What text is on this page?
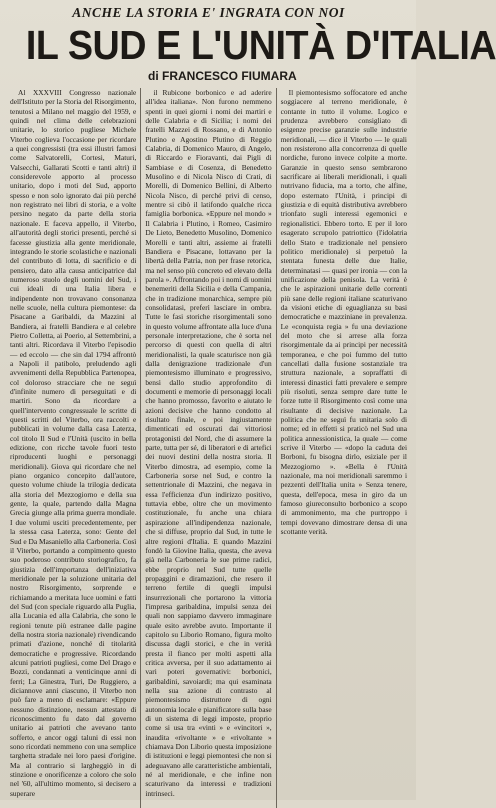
ANCHE LA STORIA E' INGRATA CON NOI

IL SUD E L'UNITÀ D'ITALIA
di FRANCESCO FIUMARA

Al XXXVIII Congresso nazionale dell'Istituto per la Storia del Risorgimento, tenutosi a Milano nel maggio del 1959, e quindi nel clima delle celebrazioni unitarie, lo storico pugliese Michele Viterbo coglieva l'occasione per ricordare a quei congressisti (tra essi illustri famosi come Salvatorelli, Cortesi, Maturi, Valsecchi, Gallarati Scotti e tanti altri) il considerevole apporto al processo unitario, dopo i moti del Sud, apporto spesso e non solo ignorato dai più perché non registrato nei libri di storia, e a volte persino negato da parte della storia nazionale. E faceva appello, il Viterbo, all'autorità degli storici presenti, perché si facesse giustizia alla gente meridionale, integrando le storie scolastiche e nazionali del contributo di lotta, di sacrificio e di pensiero, dato alla causa anticipatrice dal numeroso stuolo degli uomini del Sud, i cui ideali di una Italia libera e indipendente non trovavano consonanza nelle scuole, nella cultura piemontese: da Pisacane a Garibaldi, da Mazzini al Bandiera, ai fratelli Bandiera e al celebre Pietro Colletta, ai Poerio, al Settembrini, a tanti altri. Ricordava il Viterbo l'episodio — ed eccolo — che sin dal 1794 affrontò a Napoli il patibolo, preludendo agli avvenimenti della Repubblica Partenopea, col doloroso stracciare che ne seguì d'infinite numero di perseguitati e di martiri. Sono da ricordare a quell'intervento congressuale le scritte di questi scritti del Viterbo, ora raccolti e pubblicati in volume dalla casa Laterza, col titolo Il Sud e l'Unità (uscito in bella edizione, con ricche tavole fuori testo riproducenti luoghi e personaggi meridionali). Giova qui ricordare che nel piano organico concepito dall'autore, questo volume chiude la trilogia dedicata alla storia del Mezzogiorno e della sua gente, la quale, partendo dalla Magna Grecia giunge alla prima guerra mondiale. I due volumi usciti precedentemente, per la stessa casa Laterza, sono: Gente del Sud e Da Masaniello alla Carboneria. Così il Viterbo, portando a compimento questo suo poderoso contributo storiografico, fa giustizia dell'importanza dell'iniziativa meridionale per la soluzione unitaria del nostro Risorgimento, sorprende e richiamando a meritata luce uomini e fatti del Sud (con speciale riguardo alla Puglia, alla Lucania ed alla Calabria, che sono le regioni tenute più estranee dalle pagine della nostra storia nazionale) rivendicando primati d'azione, nonché di titolarità democratiche e progressive. Ricordando alcuni patrioti pugliesi, come Del Drago e Bozzi, condannati a venticinque anni di ferri; La Ginestra, Turi, De Ruggiero, a diciannove anni ciascuno, il Viterbo non può fare a meno di esclamare: «Eppure nessuno distinzione, nessun attestato di riconoscimento fu dato dal governo unitario ai patrioti che avevano tanto sofferto, e ancor oggi taluni di essi non sono ricordati nemmeno con una semplice targhetta stradale nei loro paesi d'origine. Ma al contrario si largheggiò in di stinzione e onorificenze a coloro che solo nel '60, all'ultimo momento, si decisero a superare

il Rubicone borbonico e ad aderire all'idea italiana». Non furono nemmeno spenti in quei giorni i nomi dei martiri e delle Calabria e di Sicilia; i nomi dei fratelli Mazzei di Rossano, e di Antonio Plutino e Agostino Plutino di Reggio Calabria, di Domenico Mauro, di Angelo, di Riccardo e Fioravanti, dai Pigli di Sambiase e di Cosenza, di Benedetto Musolino e di Nicola Nisco di Crati, di Morelli, di Domenico Bellini, di Alberto Nicola Nisco, di perché privi di censo, mentre si cibò il latifondo qualche ricca famiglia borbonica. «Eppure nel mondo » Il Calabria i Plutino, i Romeo, Casimiro De Lieto, Benedetto Musolino, Domenico Morelli e tanti altri, assieme ai fratelli Bandiera e Pisacane, lottavano per la libertà della Patria, non per frase retorica, ma nel senso più concreto ed elevato della parola ». Affrontando poi i nomi di uomini benemeriti della Sicilia e della Campania, che in tradizione monarchica, sempre più consolidatasi, preferì lasciare in ombra. Tutte le fasi storiche risorgimentali sono in questo volume affrontate alla luce d'una personale interpretazione, che è sorta nel percorso di questi con quella di altri meridionalisti, la quale scaturisce non già dalla denigrazione tradizionale d'un piemontesismo illuminato e progressivo, bensì dallo studio approfondito di documenti e memorie di personaggi locali che hanno promosso, favorito e aiutato le azioni decisive che hanno condotto al risultato finale, e poi ingiustamente dimenticati ed oscurati dai vittoriosi protagonisti del Nord, che di assumere la parte, tutta per sé, di liberatori e di artefici dei nuovi destini della nostra storia. Il Viterbo dimostra, ad esempio, come la Carboneria sorse nel Sud, e contro la settentrionale di Mazzini, che negava in essa l'efficienza d'un indirizzo positivo, tuttavia ebbe, oltre che un movimento costituzionale, fu anche una chiara aspirazione all'indipendenza nazionale, che si diffuse, proprio dal Sud, in tutte le altre regioni d'Italia. E quando Mazzini fondò la Giovine Italia, questa, che aveva già nella Carboneria le sue prime radici, ebbe proprio nel Sud tutte quelle propaggini e diramazioni, che resero il terreno fertile di quegli impulsi insurrezionali che portarono la vittoria l'impresa garibaldina, impulsi senza dei quali non sappiamo davvero immaginare quale esito avrebbe avuto. Importante il capitolo su Liborio Romano, figura molto discussa dagli storici, e che in verità presta il fianco per molti aspetti alla critica avversa, per il suo adattamento ai vari poteri governativi: borbonici, garibaldini, savoiardi; ma qui esaminata nella sua azione di contrasto al piemontesismo distruttore di ogni autonomia locale e pianificatore sulla base di un sistema di leggi imposte, proprio come si usa tra «vinti » e «vincitori », inaudita «rivoltante » e «rivoltante » chiamava Don Liborio questa imposizione di istituzioni e leggi piemontesi che non si adeguavano alle caratteristiche ambientali, né al meridionale, e che infine non scaturivano da interessi e tradizioni intrinseci.

Il piemontesismo soffocatore ed anche soggiacere al terreno meridionale, è contante in tutto il volume. Logico e prudenza avrebbero consigliato di esigenze precise garanzie sulle industrie meridionali, — dice il Viterbo — le quali non resisterono alla concorrenza di quelle nordiche, furono invece colpite a morte. Garanzie in questo senso sembrarono sacrificare ai liberali meridionali, i quali nutrivano fiducia, ma a torto, che alfine, dopo esternato l'Unità, i principi di giustizia e di equità distributiva avrebbero trionfato sugli interessi egemonici e regionalistici. Ebbero torto. E per il loro esagerato scrupolo patriottico (l'idolatria dello Stato e tradizionale nel pensiero politico meridionale) si perpetuò la stentata funesta delle due Italie, determinatasi — quasi per ironia — con la unificazione della penisola. La verità è che le aspirazioni unitarie delle correnti più sane delle regioni italiane scaturivano da visioni etiche di eguaglianza su basi democratiche e mazziniane in prevalenza. Le «conquista regia » fu una deviazione del moto che si arrese alla forza risorgimentale da ai principi per necessità temporanea, e che poi fummo del tutto cancellati dalla fusione sostanziale tra struttura nazionale, a sopraffatti di interessi dinastici fatti prevalere e sempre più risoluti, senza sempre dare tutte le forze tutte il Risorgimento così come una risultante di decisive nazionale. La politica che ne seguì fu unitaria solo di nome; ed in effetti si praticò nel Sud una politica annessionistica, la quale — come scrive il Viterbo — «dopo la caduta dei Borboni, fu bisogna dirlo, esiziale per il Mezzogiorno ». «Bella è l'Unità nazionale, ma noi meridionali saremmo i pezzenti dell'Italia unita » Senza tenere, questa, dell'epoca, mesa in giro da un famoso giureconsulto borbonico a scopo di ammonimento, ma che purtroppo i tempi dovevano dimostrare densa di una scottante verità.
